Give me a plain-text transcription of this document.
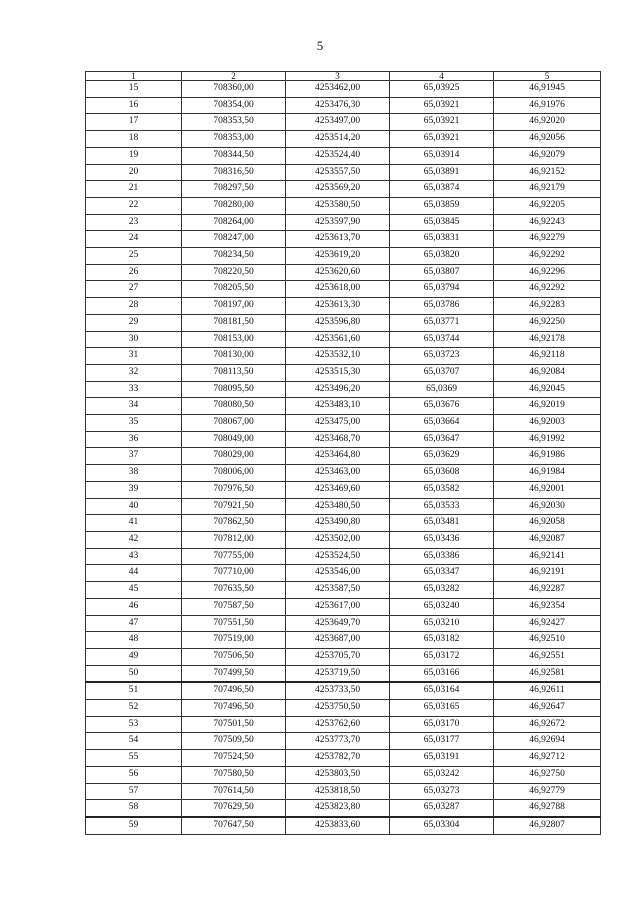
5
1	2	3	4	5
15	708360,00	4253462,00	65,03925	46,91945
16	708354,00	4253476,30	65,03921	46,91976
17	708353,50	4253497,00	65,03921	46,92020
18	708353,00	4253514,20	65,03921	46,92056
19	708344,50	4253524,40	65,03914	46,92079
20	708316,50	4253557,50	65,03891	46,92152
21	708297,50	4253569,20	65,03874	46,92179
22	708280,00	4253580,50	65,03859	46,92205
23	708264,00	4253597,90	65,03845	46,92243
24	708247,00	4253613,70	65,03831	46,92279
25	708234,50	4253619,20	65,03820	46,92292
26	708220,50	4253620,60	65,03807	46,92296
27	708205,50	4253618,00	65,03794	46,92292
28	708197,00	4253613,30	65,03786	46,92283
29	708181,50	4253596,80	65,03771	46,92250
30	708153,00	4253561,60	65,03744	46,92178
31	708130,00	4253532,10	65,03723	46,92118
32	708113,50	4253515,30	65,03707	46,92084
33	708095,50	4253496,20	65,0369	46,92045
34	708080,50	4253483,10	65,03676	46,92019
35	708067,00	4253475,00	65,03664	46,92003
36	708049,00	4253468,70	65,03647	46,91992
37	708029,00	4253464,80	65,03629	46,91986
38	708006,00	4253463,00	65,03608	46,91984
39	707976,50	4253469,60	65,03582	46,92001
40	707921,50	4253480,50	65,03533	46,92030
41	707862,50	4253490,80	65,03481	46,92058
42	707812,00	4253502,00	65,03436	46,92087
43	707755,00	4253524,50	65,03386	46,92141
44	707710,00	4253546,00	65,03347	46,92191
45	707635,50	4253587,50	65,03282	46,92287
46	707587,50	4253617,00	65,03240	46,92354
47	707551,50	4253649,70	65,03210	46,92427
48	707519,00	4253687,00	65,03182	46,92510
49	707506,50	4253705,70	65,03172	46,92551
50	707499,50	4253719,50	65,03166	46,92581
51	707496,50	4253733,50	65,03164	46,92611
52	707496,50	4253750,50	65,03165	46,92647
53	707501,50	4253762,60	65,03170	46,92672
54	707509,50	4253773,70	65,03177	46,92694
55	707524,50	4253782,70	65,03191	46,92712
56	707580,50	4253803,50	65,03242	46,92750
57	707614,50	4253818,50	65,03273	46,92779
58	707629,50	4253823,80	65,03287	46,92788
59	707647,50	4253833,60	65,03304	46,92807
